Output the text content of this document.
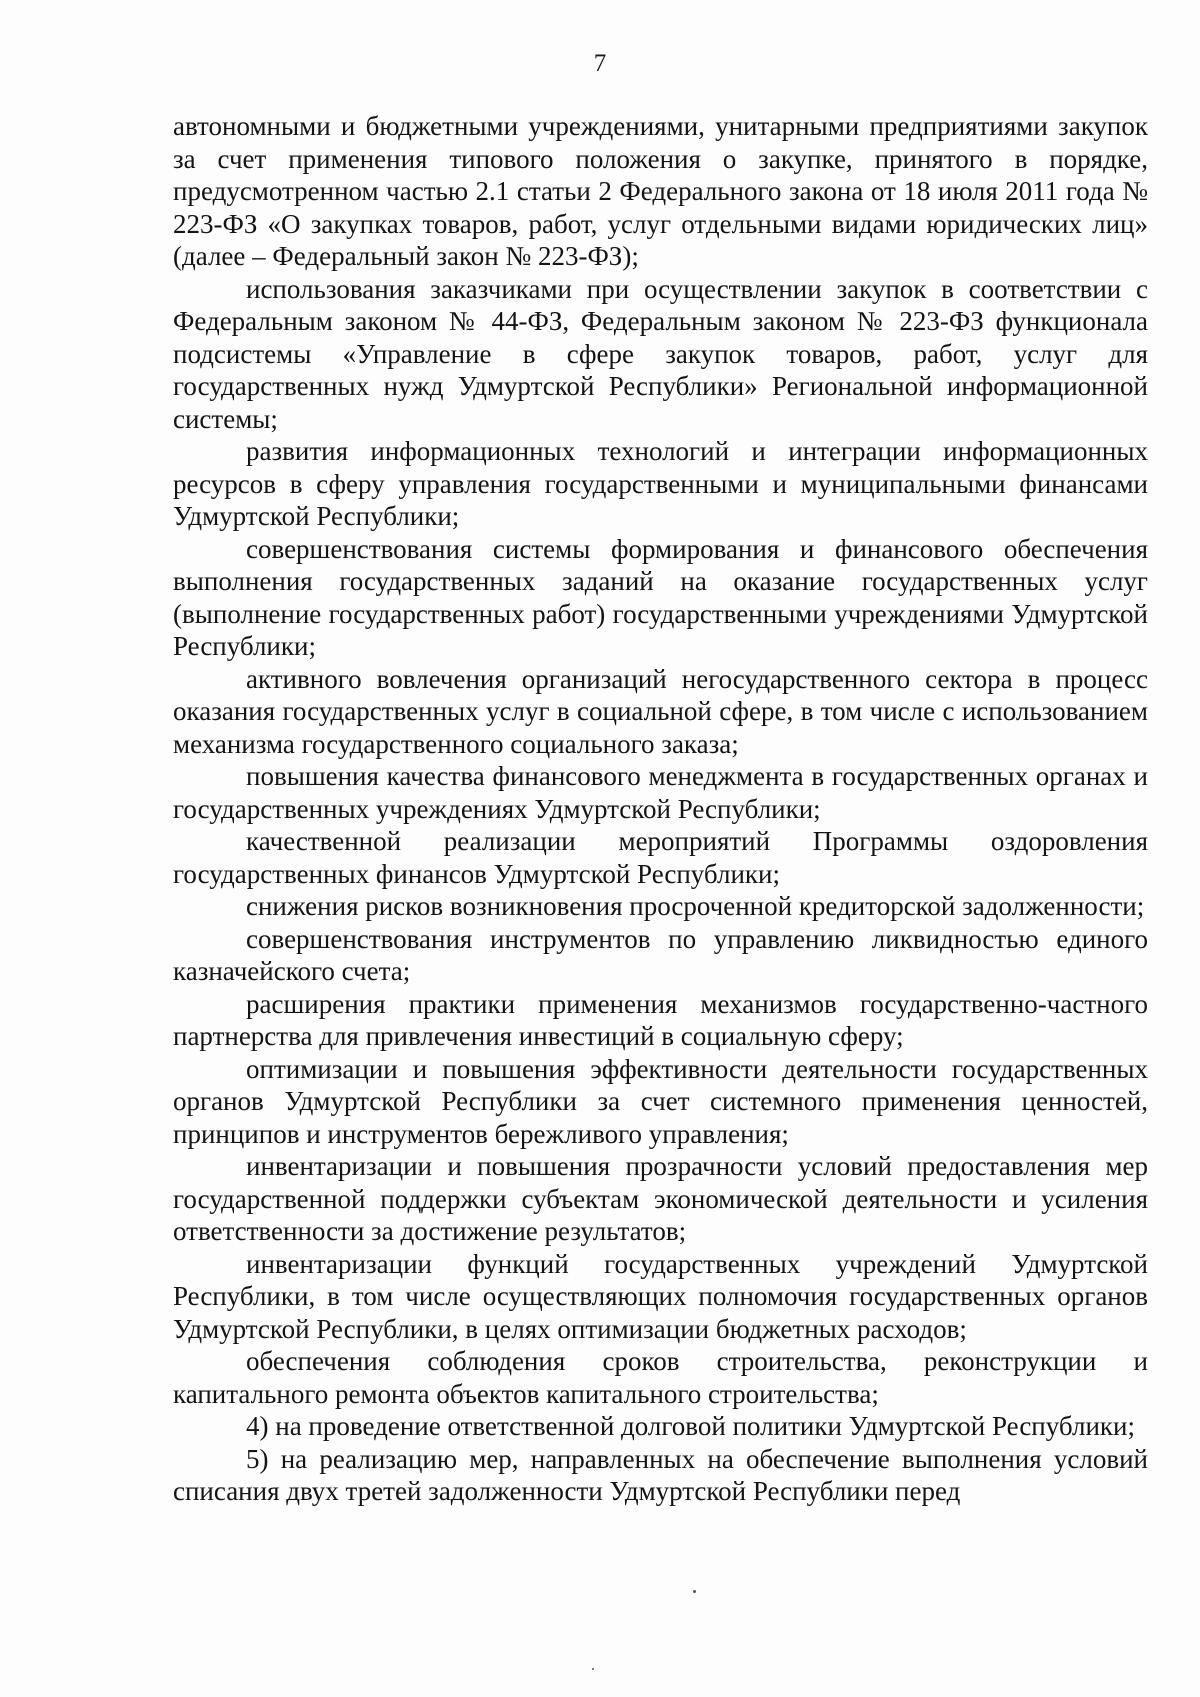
7

автономными и бюджетными учреждениями, унитарными предприятиями закупок за счет применения типового положения о закупке, принятого в порядке, предусмотренном частью 2.1 статьи 2 Федерального закона от 18 июля 2011 года № 223-ФЗ «О закупках товаров, работ, услуг отдельными видами юридических лиц» (далее – Федеральный закон № 223-ФЗ);

использования заказчиками при осуществлении закупок в соответствии с Федеральным законом № 44-ФЗ, Федеральным законом № 223-ФЗ функционала подсистемы «Управление в сфере закупок товаров, работ, услуг для государственных нужд Удмуртской Республики» Региональной информационной системы;

развития информационных технологий и интеграции информационных ресурсов в сферу управления государственными и муниципальными финансами Удмуртской Республики;

совершенствования системы формирования и финансового обеспечения выполнения государственных заданий на оказание государственных услуг (выполнение государственных работ) государственными учреждениями Удмуртской Республики;

активного вовлечения организаций негосударственного сектора в процесс оказания государственных услуг в социальной сфере, в том числе с использованием механизма государственного социального заказа;

повышения качества финансового менеджмента в государственных органах и государственных учреждениях Удмуртской Республики;

качественной реализации мероприятий Программы оздоровления государственных финансов Удмуртской Республики;

снижения рисков возникновения просроченной кредиторской задолженности;

совершенствования инструментов по управлению ликвидностью единого казначейского счета;

расширения практики применения механизмов государственно-частного партнерства для привлечения инвестиций в социальную сферу;

оптимизации и повышения эффективности деятельности государственных органов Удмуртской Республики за счет системного применения ценностей, принципов и инструментов бережливого управления;

инвентаризации и повышения прозрачности условий предоставления мер государственной поддержки субъектам экономической деятельности и усиления ответственности за достижение результатов;

инвентаризации функций государственных учреждений Удмуртской Республики, в том числе осуществляющих полномочия государственных органов Удмуртской Республики, в целях оптимизации бюджетных расходов;

обеспечения соблюдения сроков строительства, реконструкции и капитального ремонта объектов капитального строительства;

4) на проведение ответственной долговой политики Удмуртской Республики;

5) на реализацию мер, направленных на обеспечение выполнения условий списания двух третей задолженности Удмуртской Республики перед
